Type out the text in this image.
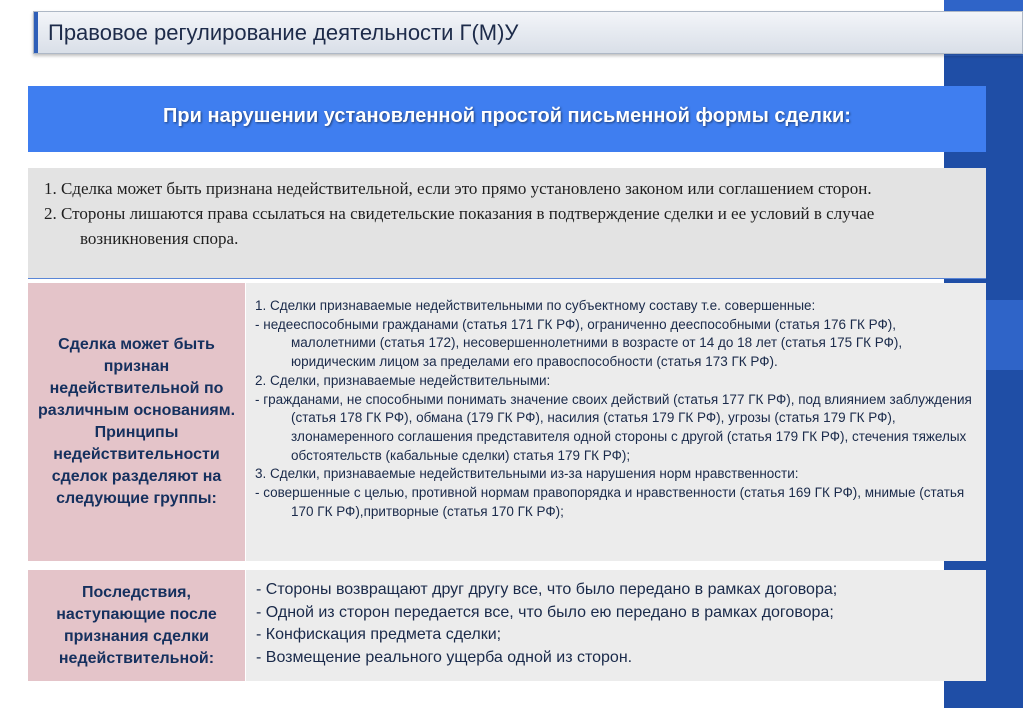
Правовое регулирование деятельности Г(М)У
При нарушении установленной простой письменной формы сделки:
1. Сделка может быть признана недействительной, если это прямо установлено законом или соглашением сторон.
2. Стороны лишаются права ссылаться на свидетельские показания в подтверждение сделки и ее условий в случае возникновения спора.
Сделка может быть признан недействительной по различным основаниям. Принципы недействительности сделок разделяют на следующие группы:
1. Сделки признаваемые недействительными по субъектному составу т.е. совершенные:
- недееспособными гражданами (статья 171 ГК РФ), ограниченно дееспособными (статья 176 ГК РФ), малолетними (статья 172), несовершеннолетними в возрасте от 14 до 18 лет (статья 175 ГК РФ), юридическим лицом за пределами его правоспособности (статья 173 ГК РФ).
2. Сделки, признаваемые недействительными:
- гражданами, не способными понимать значение своих действий (статья 177 ГК РФ), под влиянием заблуждения (статья 178 ГК РФ), обмана (179 ГК РФ), насилия (статья 179 ГК РФ), угрозы (статья 179 ГК РФ), злонамеренного соглашения представителя одной стороны с другой (статья 179 ГК РФ), стечения тяжелых обстоятельств (кабальные сделки) статья 179 ГК РФ);
3. Сделки, признаваемые недействительными из-за нарушения норм нравственности:
- совершенные с целью, противной нормам правопорядка и нравственности (статья 169 ГК РФ), мнимые (статья 170 ГК РФ),притворные (статья 170 ГК РФ);
Последствия, наступающие после признания сделки недействительной:
- Стороны возвращают друг другу все, что было передано в рамках договора;
- Одной из сторон передается все, что было ею передано в рамках договора;
- Конфискация предмета сделки;
- Возмещение реального ущерба одной из сторон.
